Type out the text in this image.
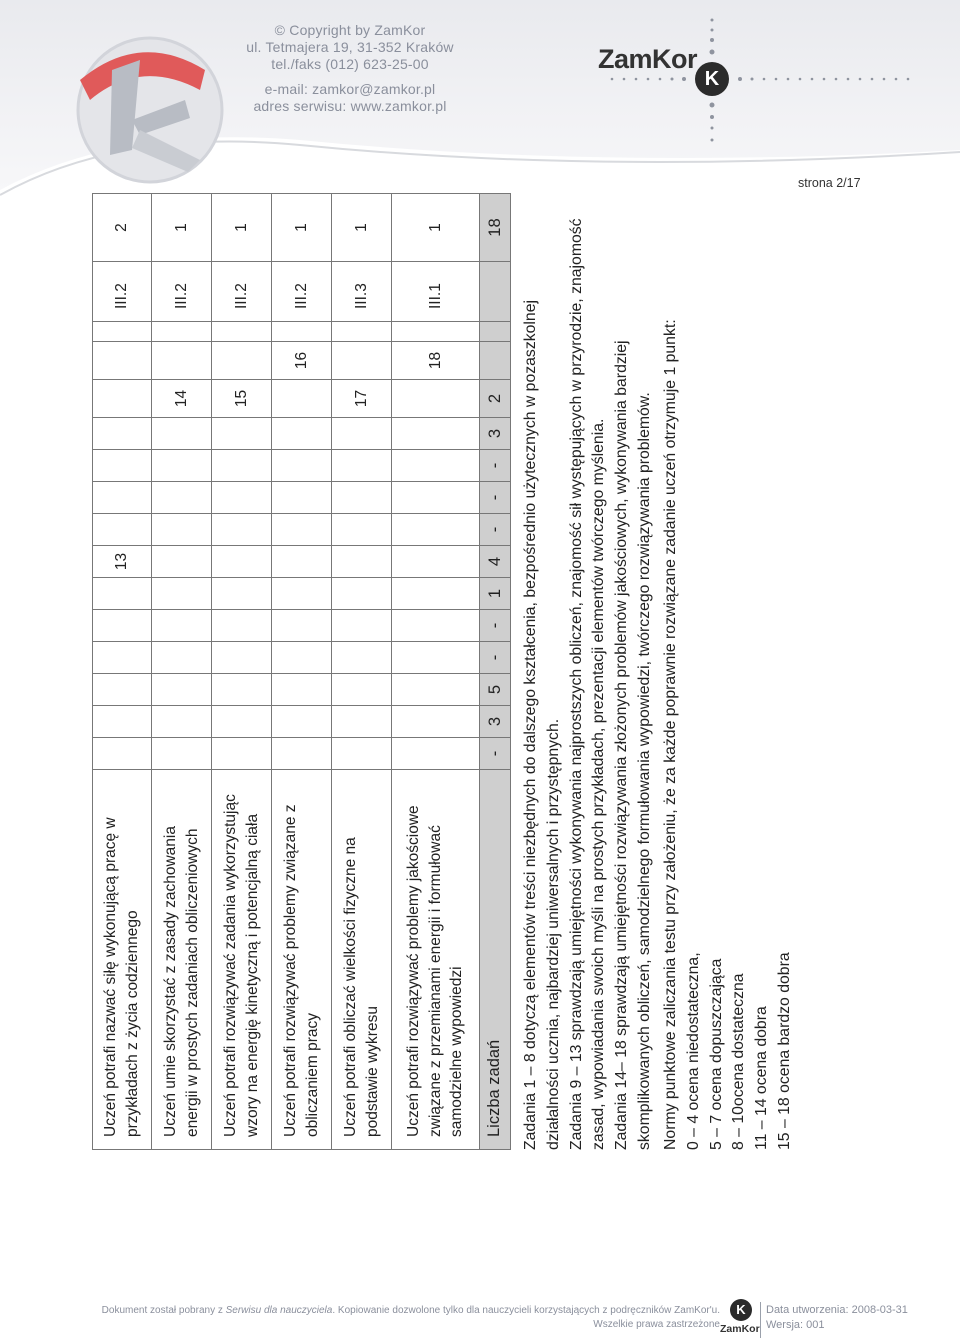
© Copyright by ZamKor
ul. Tetmajera 19, 31-352 Kraków
tel./faks (012) 623-25-00
e-mail: zamkor@zamkor.pl
adres serwisu: www.zamkor.pl
ZamKor
K
strona 2/17
Uczeń potrafi nazwać siłę wykonującą pracę w przykładach z życia codziennego							13								III.2	2
Uczeń umie skorzystać z zasady zachowania energii w prostych zadaniach obliczeniowych												14			III.2	1
Uczeń potrafi rozwiązywać zadania wykorzystując wzory na energię kinetyczną i potencjalną ciała												15			III.2	1
Uczeń potrafi rozwiązywać problemy związane z obliczaniem pracy													16		III.2	1
Uczeń potrafi obliczać wielkości fizyczne na podstawie wykresu												17			III.3	1
Uczeń potrafi rozwiązywać problemy jakościowe związane z przemianami energii i formułować samodzielne wypowiedzi													18		III.1	1
Liczba zadań	-	3	5	-	-	1	4	-	-	-	3	2				18

Zadania 1 – 8 dotyczą elementów treści niezbędnych do dalszego kształcenia, bezpośrednio użytecznych w pozaszkolnej działalności ucznia, najbardziej uniwersalnych i przystępnych. Zadania 9 – 13 sprawdzają umiejętności wykonywania najprostszych obliczeń, znajomość sił występujących w przyrodzie, znajomość zasad, wypowiadania swoich myśli na prostych przykładach, prezentacji elementów twórczego myślenia. Zadania 14– 18 sprawdzają umiejętności rozwiązywania złożonych problemów jakościowych, wykonywania bardziej skomplikowanych obliczeń, samodzielnego formułowania wypowiedzi, twórczego rozwiązywania problemów. Normy punktowe zaliczania testu przy założeniu, że za każde poprawnie rozwiązane zadanie uczeń otrzymuje 1 punkt: 0 – 4 ocena niedostateczna, 5 – 7 ocena dopuszczająca 8 – 10ocena dostateczna 11 – 14 ocena dobra 15 – 18 ocena bardzo dobra

Dokument został pobrany z Serwisu dla nauczyciela. Kopiowanie dozwolone tylko dla nauczycieli korzystających z podręczników ZamKor'u.
Wszelkie prawa zastrzeżone
K
ZamKor
Data utworzenia: 2008-03-31
Wersja: 001
